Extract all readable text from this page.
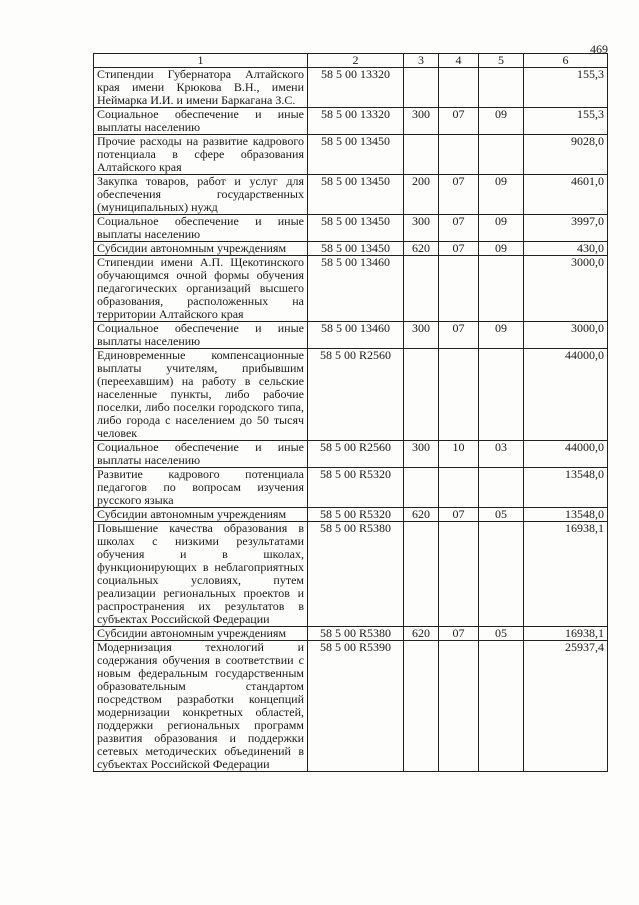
469
1	2	3	4	5	6
Стипендии Губернатора Алтайского края имени Крюкова В.Н., имени Неймарка И.И. и имени Баркагана З.С.	58 5 00 13320				155,3
Социальное обеспечение и иные выплаты населению	58 5 00 13320	300	07	09	155,3
Прочие расходы на развитие кадрового потенциала в сфере образования Алтайского края	58 5 00 13450				9028,0
Закупка товаров, работ и услуг для обеспечения государственных (муниципальных) нужд	58 5 00 13450	200	07	09	4601,0
Социальное обеспечение и иные выплаты населению	58 5 00 13450	300	07	09	3997,0
Субсидии автономным учреждениям	58 5 00 13450	620	07	09	430,0
Стипендии имени А.П. Щекотинского обучающимся очной формы обучения педагогических организаций высшего образования, расположенных на территории Алтайского края	58 5 00 13460				3000,0
Социальное обеспечение и иные выплаты населению	58 5 00 13460	300	07	09	3000,0
Единовременные компенсационные выплаты учителям, прибывшим (переехавшим) на работу в сельские населенные пункты, либо рабочие поселки, либо поселки городского типа, либо города с населением до 50 тысяч человек	58 5 00 R2560				44000,0
Социальное обеспечение и иные выплаты населению	58 5 00 R2560	300	10	03	44000,0
Развитие кадрового потенциала педагогов по вопросам изучения русского языка	58 5 00 R5320				13548,0
Субсидии автономным учреждениям	58 5 00 R5320	620	07	05	13548,0
Повышение качества образования в школах с низкими результатами обучения и в школах, функционирующих в неблагоприятных социальных условиях, путем реализации региональных проектов и распространения их результатов в субъектах Российской Федерации	58 5 00 R5380				16938,1
Субсидии автономным учреждениям	58 5 00 R5380	620	07	05	16938,1
Модернизация технологий и содержания обучения в соответствии с новым федеральным государственным образовательным стандартом посредством разработки концепций модернизации конкретных областей, поддержки региональных программ развития образования и поддержки сетевых методических объединений в субъектах Российской Федерации	58 5 00 R5390				25937,4
